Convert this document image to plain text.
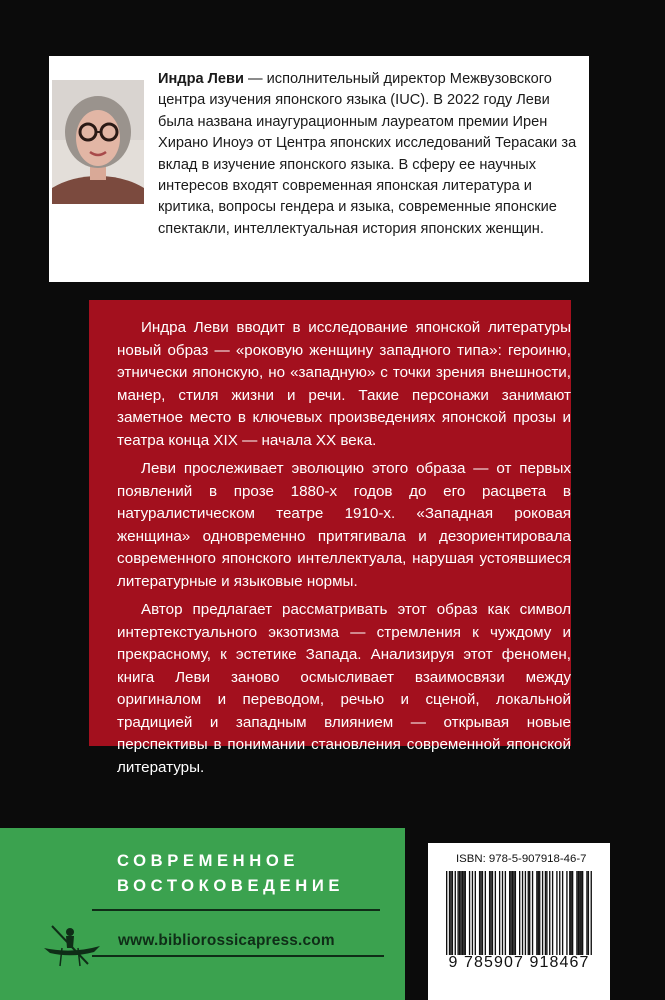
Индра Леви — исполнительный директор Межвузовского центра изучения японского языка (IUC). В 2022 году Леви была названа инаугурационным лауреатом премии Ирен Хирано Иноуэ от Центра японских исследований Терасаки за вклад в изучение японского языка. В сферу ее научных интересов входят современная японская литература и критика, вопросы гендера и языка, современные японские спектакли, интеллектуальная история японских женщин.

Индра Леви вводит в исследование японской литературы новый образ — «роковую женщину западного типа»: героиню, этнически японскую, но «западную» с точки зрения внешности, манер, стиля жизни и речи. Такие персонажи занимают заметное место в ключевых произведениях японской прозы и театра конца XIX — начала XX века.

Леви прослеживает эволюцию этого образа — от первых появлений в прозе 1880-х годов до его расцвета в натуралистическом театре 1910-х. «Западная роковая женщина» одновременно притягивала и дезориентировала современного японского интеллектуала, нарушая устоявшиеся литературные и языковые нормы.

Автор предлагает рассматривать этот образ как символ интертекстуального экзотизма — стремления к чуждому и прекрасному, к эстетике Запада. Анализируя этот феномен, книга Леви заново осмысливает взаимосвязи между оригиналом и переводом, речью и сценой, локальной традицией и западным влиянием — открывая новые перспективы в понимании становления современной японской литературы.

СОВРЕМЕННОЕ
ВОСТОКОВЕДЕНИЕ
www.bibliorossicapress.com
ISBN: 978-5-907918-46-7
9 785907 918467
